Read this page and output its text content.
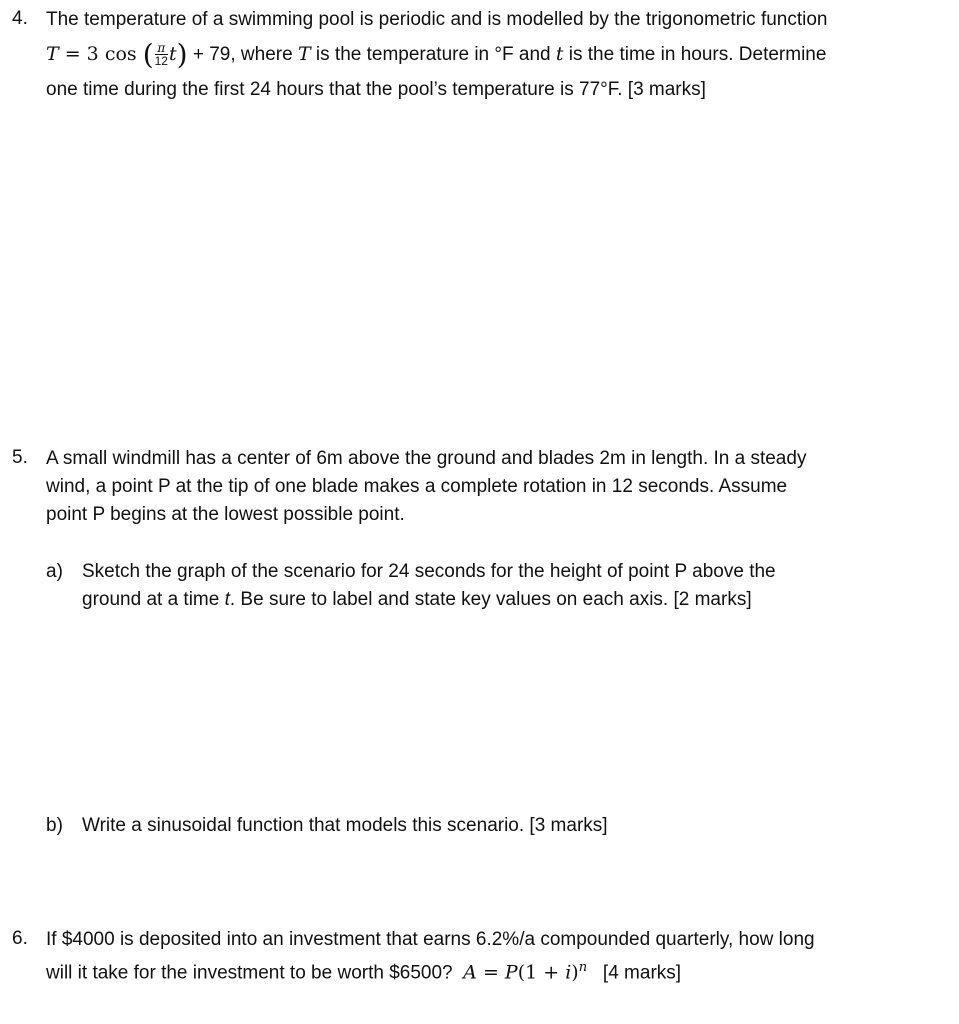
4. The temperature of a swimming pool is periodic and is modelled by the trigonometric function
T = 3 cos ( $\frac{\pi}{12} t) + 79$, where T is the temperature in °F and t is the time in hours. Determine
one time during the first 24 hours that the pool’s temperature is 77°F. [3 marks]
5. A small windmill has a center of 6m above the ground and blades 2m in length. In a steady
wind, a point P at the tip of one blade makes a complete rotation in 12 seconds. Assume
point P begins at the lowest possible point.
a) Sketch the graph of the scenario for 24 seconds for the height of point P above the
ground at a time t. Be sure to label and state key values on each axis. [2 marks]
b) Write a sinusoidal function that models this scenario. [3 marks]
6. If $4000 is deposited into an investment that earns 6.2%/a compounded quarterly, how long
will it take for the investment to be worth $6500? $A = P(1 + i)^n$ [4 marks]
